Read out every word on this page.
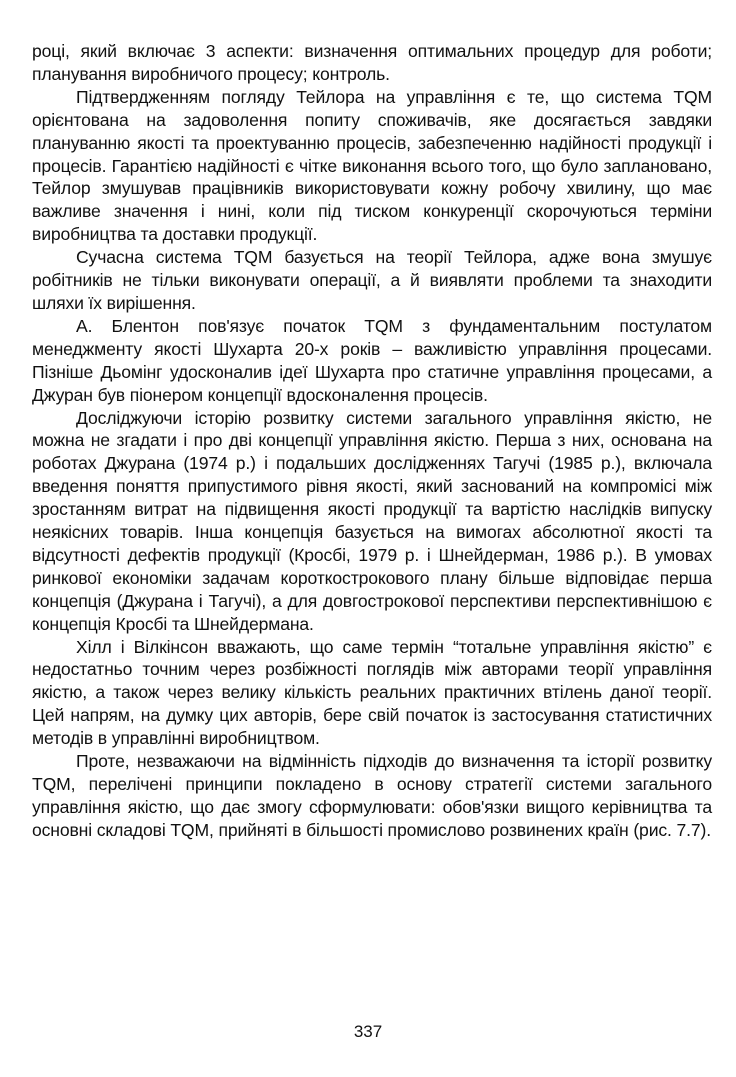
році, який включає 3 аспекти: визначення оптимальних процедур для роботи; планування виробничого процесу; контроль.

Підтвердженням погляду Тейлора на управління є те, що система TQM орієнтована на задоволення попиту споживачів, яке досягається завдяки плануванню якості та проектуванню процесів, забезпеченню надійності продукції і процесів. Гарантією надійності є чітке виконання всього того, що було заплановано, Тейлор змушував працівників використовувати кожну робочу хвилину, що має важливе значення і нині, коли під тиском конкуренції скорочуються терміни виробництва та доставки продукції.

Сучасна система TQM базується на теорії Тейлора, адже вона змушує робітників не тільки виконувати операції, а й виявляти проблеми та знаходити шляхи їх вирішення.

А. Блентон пов'язує початок TQM з фундаментальним постулатом менеджменту якості Шухарта 20-х років – важливістю управління процесами. Пізніше Дьомінг удосконалив ідеї Шухарта про статичне управління процесами, а Джуран був піонером концепції вдосконалення процесів.

Досліджуючи історію розвитку системи загального управління якістю, не можна не згадати і про дві концепції управління якістю. Перша з них, основана на роботах Джурана (1974 р.) і подальших дослідженнях Тагучі (1985 р.), включала введення поняття припустимого рівня якості, який заснований на компромісі між зростанням витрат на підвищення якості продукції та вартістю наслідків випуску неякісних товарів. Інша концепція базується на вимогах абсолютної якості та відсутності дефектів продукції (Кросбі, 1979 р. і Шнейдерман, 1986 р.). В умовах ринкової економіки задачам короткострокового плану більше відповідає перша концепція (Джурана і Тагучі), а для довгострокової перспективи перспективнішою є концепція Кросбі та Шнейдермана.

Хілл і Вілкінсон вважають, що саме термін “тотальне управління якістю” є недостатньо точним через розбіжності поглядів між авторами теорії управління якістю, а також через велику кількість реальних практичних втілень даної теорії. Цей напрям, на думку цих авторів, бере свій початок із застосування статистичних методів в управлінні виробництвом.

Проте, незважаючи на відмінність підходів до визначення та історії розвитку TQM, перелічені принципи покладено в основу стратегії системи загального управління якістю, що дає змогу сформулювати: обов'язки вищого керівництва та основні складові TQM, прийняті в більшості промислово розвинених країн (рис. 7.7).

337
